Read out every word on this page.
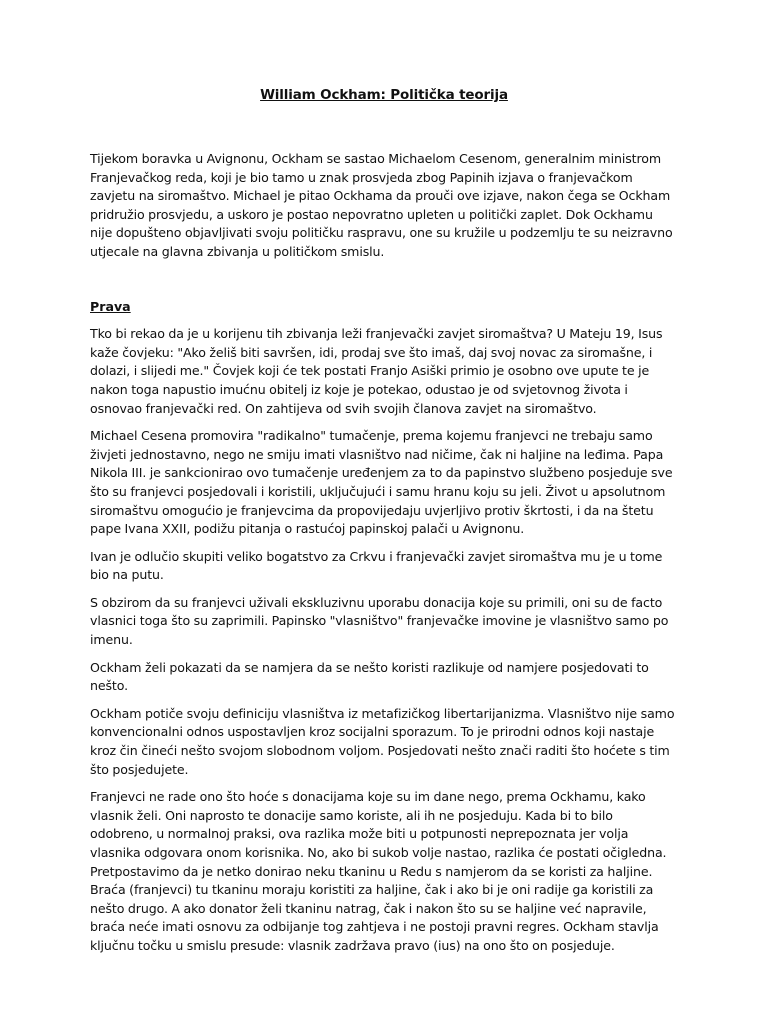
William Ockham: Politička teorija

Tijekom boravka u Avignonu, Ockham se sastao Michaelom Cesenom, generalnim ministrom Franjevačkog reda, koji je bio tamo u znak prosvjeda zbog Papinih izjava o franjevačkom zavjetu na siromaštvo. Michael je pitao Ockhama da prouči ove izjave, nakon čega se Ockham pridružio prosvjedu, a uskoro je postao nepovratno upleten u politički zaplet. Dok Ockhamu nije dopušteno objavljivati svoju političku raspravu, one su kružile u podzemlju te su neizravno utjecale na glavna zbivanja u političkom smislu.

Prava

Tko bi rekao da je u korijenu tih zbivanja leži franjevački zavjet siromaštva? U Mateju 19, Isus kaže čovjeku: "Ako želiš biti savršen, idi, prodaj sve što imaš, daj svoj novac za siromašne, i dolazi, i slijedi me." Čovjek koji će tek postati Franjo Asiški primio je osobno ove upute te je nakon toga napustio imućnu obitelj iz koje je potekao, odustao je od svjetovnog života i osnovao franjevački red. On zahtijeva od svih svojih članova zavjet na siromaštvo.

Michael Cesena promovira "radikalno" tumačenje, prema kojemu franjevci ne trebaju samo živjeti jednostavno, nego ne smiju imati vlasništvo nad ničime, čak ni haljine na leđima. Papa Nikola III. je sankcionirao ovo tumačenje uređenjem za to da papinstvo službeno posjeduje sve što su franjevci posjedovali i koristili, uključujući i samu hranu koju su jeli. Život u apsolutnom siromaštvu omogućio je franjevcima da propovijedaju uvjerljivo protiv škrtosti, i da na štetu pape Ivana XXII, podižu pitanja o rastućoj papinskoj palači u Avignonu.

Ivan je odlučio skupiti veliko bogatstvo za Crkvu i franjevački zavjet siromaštva mu je u tome bio na putu.

S obzirom da su franjevci uživali ekskluzivnu uporabu donacija koje su primili, oni su de facto vlasnici toga što su zaprimili. Papinsko "vlasništvo" franjevačke imovine je vlasništvo samo po imenu.

Ockham želi pokazati da se namjera da se nešto koristi razlikuje od namjere posjedovati to nešto.

Ockham potiče svoju definiciju vlasništva iz metafizičkog libertarijanizma. Vlasništvo nije samo konvencionalni odnos uspostavljen kroz socijalni sporazum. To je prirodni odnos koji nastaje kroz čin čineći nešto svojom slobodnom voljom. Posjedovati nešto znači raditi što hoćete s tim što posjedujete.

Franjevci ne rade ono što hoće s donacijama koje su im dane nego, prema Ockhamu, kako vlasnik želi. Oni naprosto te donacije samo koriste, ali ih ne posjeduju. Kada bi to bilo odobreno, u normalnoj praksi, ova razlika može biti u potpunosti neprepoznata jer volja vlasnika odgovara onom korisnika. No, ako bi sukob volje nastao, razlika će postati očigledna. Pretpostavimo da je netko donirao neku tkaninu u Redu s namjerom da se koristi za haljine. Braća (franjevci) tu tkaninu moraju koristiti za haljine, čak i ako bi je oni radije ga koristili za nešto drugo. A ako donator želi tkaninu natrag, čak i nakon što su se haljine već napravile, braća neće imati osnovu za odbijanje tog zahtjeva i ne postoji pravni regres. Ockham stavlja ključnu točku u smislu presude: vlasnik zadržava pravo (ius) na ono što on posjeduje.
